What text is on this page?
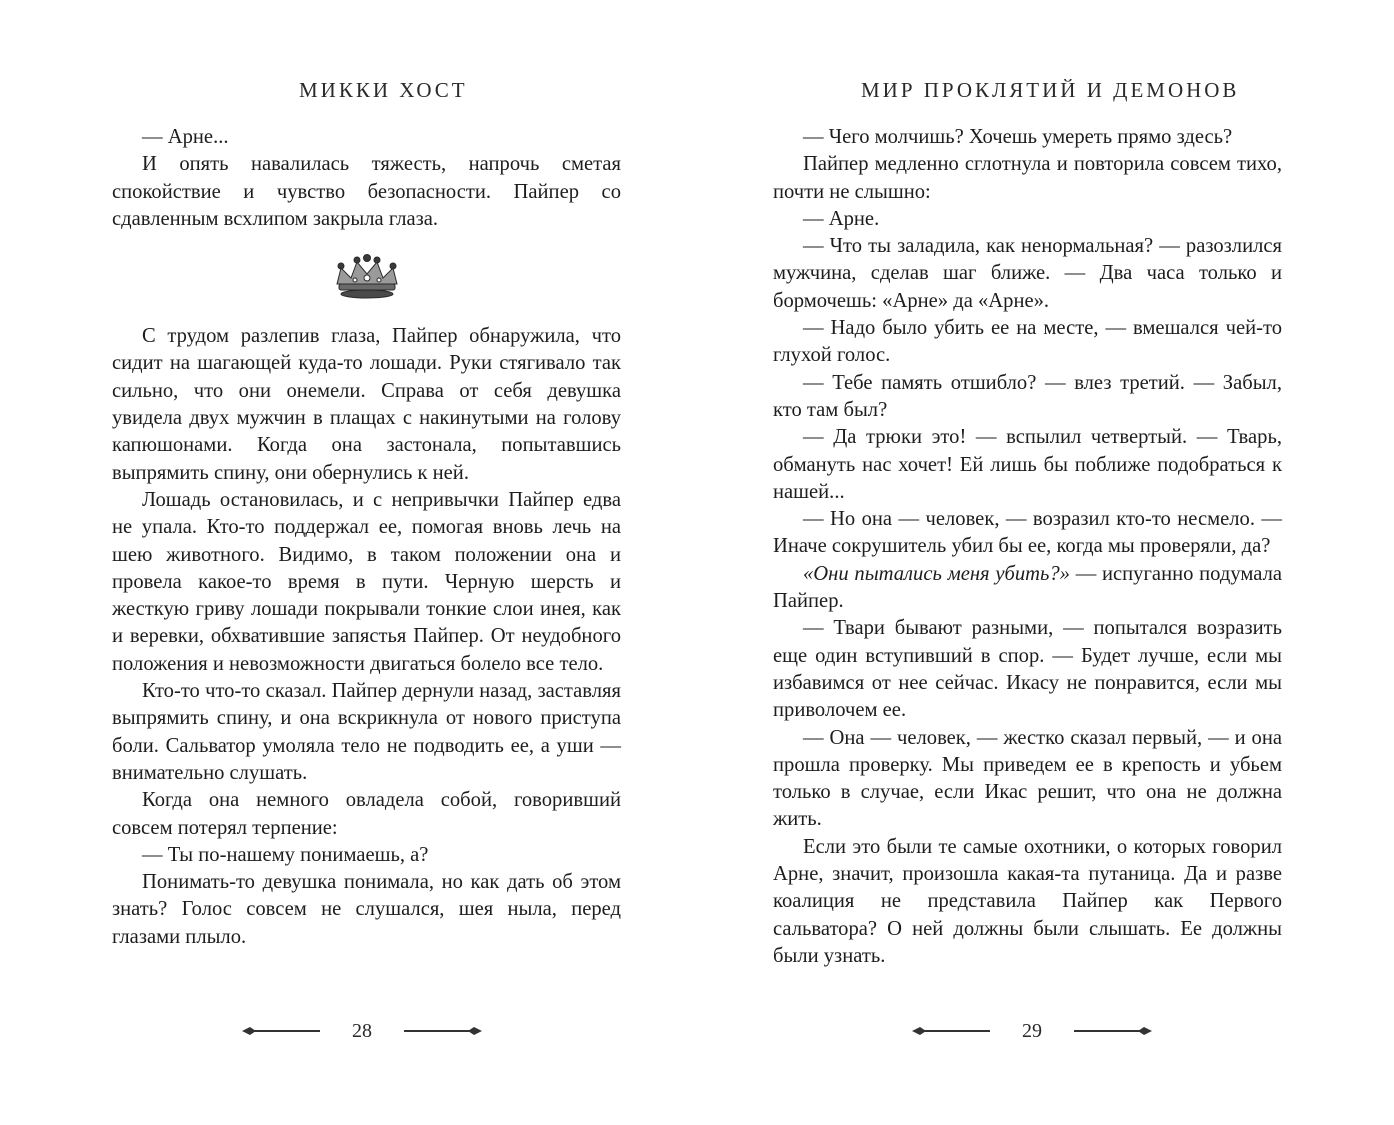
МИККИ ХОСТ

— Арне...

И опять навалилась тяжесть, напрочь сметая спокойствие и чувство безопасности. Пайпер со сдавленным всхлипом закрыла глаза.

С трудом разлепив глаза, Пайпер обнаружила, что сидит на шагающей куда-то лошади. Руки стягивало так сильно, что они онемели. Справа от себя девушка увидела двух мужчин в плащах с накинутыми на голову капюшонами. Когда она застонала, попытавшись выпрямить спину, они обернулись к ней.

Лошадь остановилась, и с непривычки Пайпер едва не упала. Кто-то поддержал ее, помогая вновь лечь на шею животного. Видимо, в таком положении она и провела какое-то время в пути. Черную шерсть и жесткую гриву лошади покрывали тонкие слои инея, как и веревки, обхватившие запястья Пайпер. От неудобного положения и невозможности двигаться болело все тело.

Кто-то что-то сказал. Пайпер дернули назад, заставляя выпрямить спину, и она вскрикнула от нового приступа боли. Сальватор умоляла тело не подводить ее, а уши — внимательно слушать.

Когда она немного овладела собой, говоривший совсем потерял терпение:

— Ты по-нашему понимаешь, а?

Понимать-то девушка понимала, но как дать об этом знать? Голос совсем не слушался, шея ныла, перед глазами плыло.

28
МИР ПРОКЛЯТИЙ И ДЕМОНОВ

— Чего молчишь? Хочешь умереть прямо здесь?

Пайпер медленно сглотнула и повторила совсем тихо, почти не слышно:

— Арне.

— Что ты заладила, как ненормальная? — разозлился мужчина, сделав шаг ближе. — Два часа только и бормочешь: «Арне» да «Арне».

— Надо было убить ее на месте, — вмешался чей-то глухой голос.

— Тебе память отшибло? — влез третий. — Забыл, кто там был?

— Да трюки это! — вспылил четвертый. — Тварь, обмануть нас хочет! Ей лишь бы поближе подобраться к нашей...

— Но она — человек, — возразил кто-то несмело. — Иначе сокрушитель убил бы ее, когда мы проверяли, да?

«Они пытались меня убить?» — испуганно подумала Пайпер.

— Твари бывают разными, — попытался возразить еще один вступивший в спор. — Будет лучше, если мы избавимся от нее сейчас. Икасу не понравится, если мы приволочем ее.

— Она — человек, — жестко сказал первый, — и она прошла проверку. Мы приведем ее в крепость и убьем только в случае, если Икас решит, что она не должна жить.

Если это были те самые охотники, о которых говорил Арне, значит, произошла какая-та путаница. Да и разве коалиция не представила Пайпер как Первого сальватора? О ней должны были слышать. Ее должны были узнать.

29
